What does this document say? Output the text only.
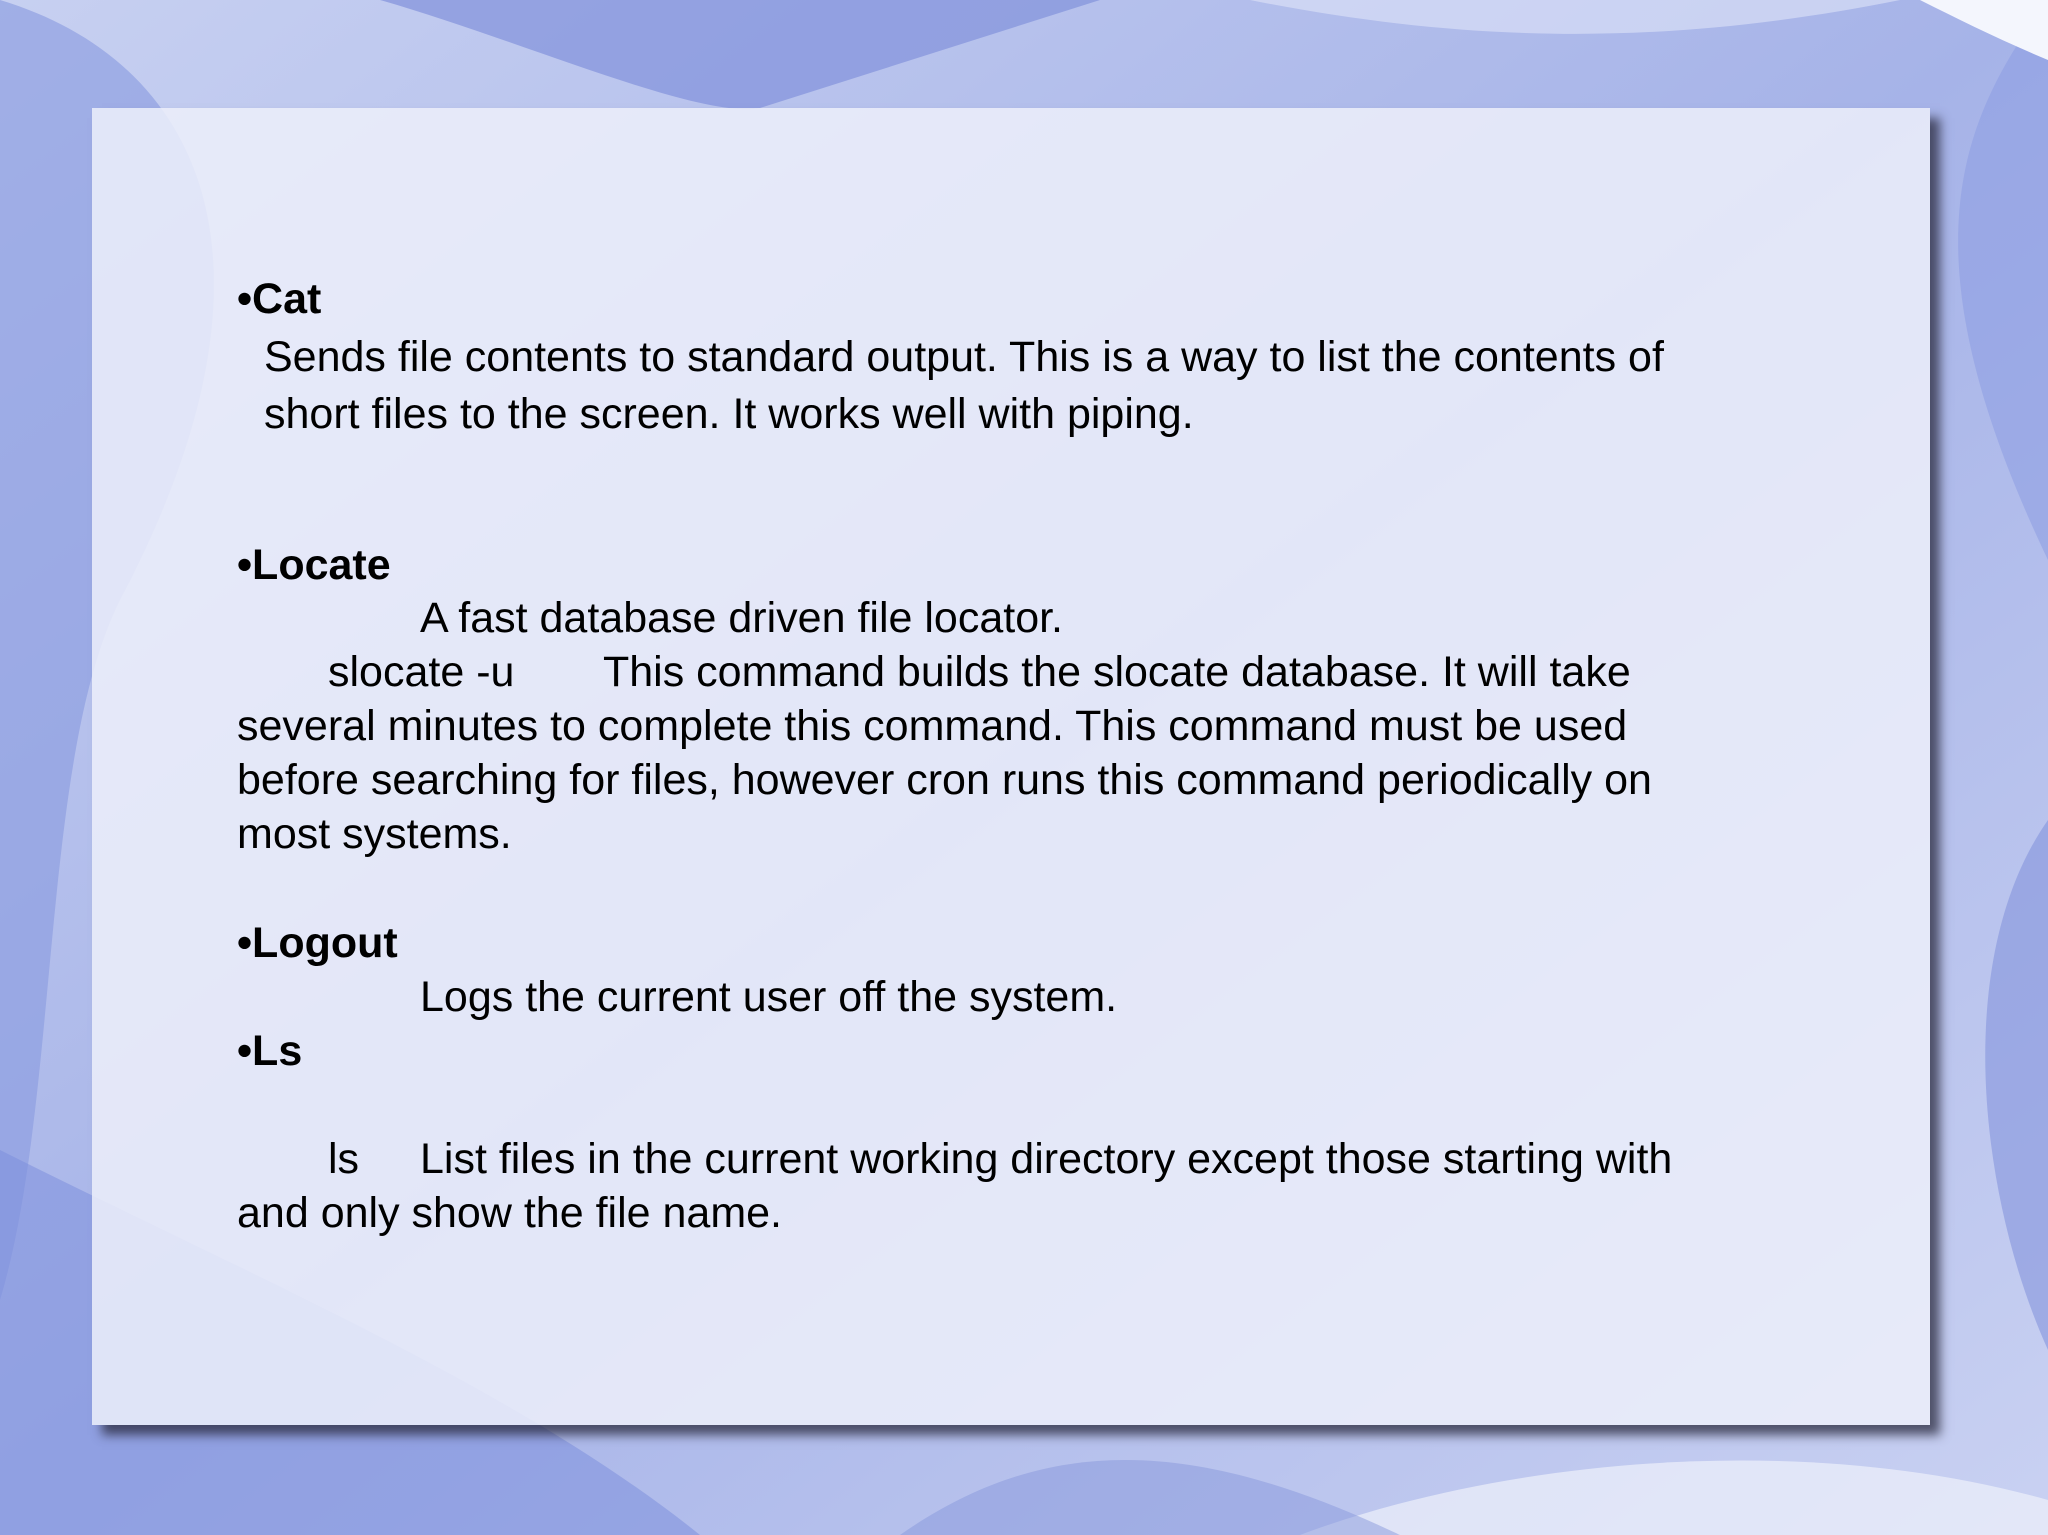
•Cat
Sends file contents to standard output. This is a way to list the contents of
short files to the screen. It works well with piping.
•Locate
A fast database driven file locator.
slocate -u This command builds the slocate database. It will take
several minutes to complete this command. This command must be used
before searching for files, however cron runs this command periodically on
most systems.
•Logout
Logs the current user off the system.
•Ls
ls List files in the current working directory except those starting with
and only show the file name.
